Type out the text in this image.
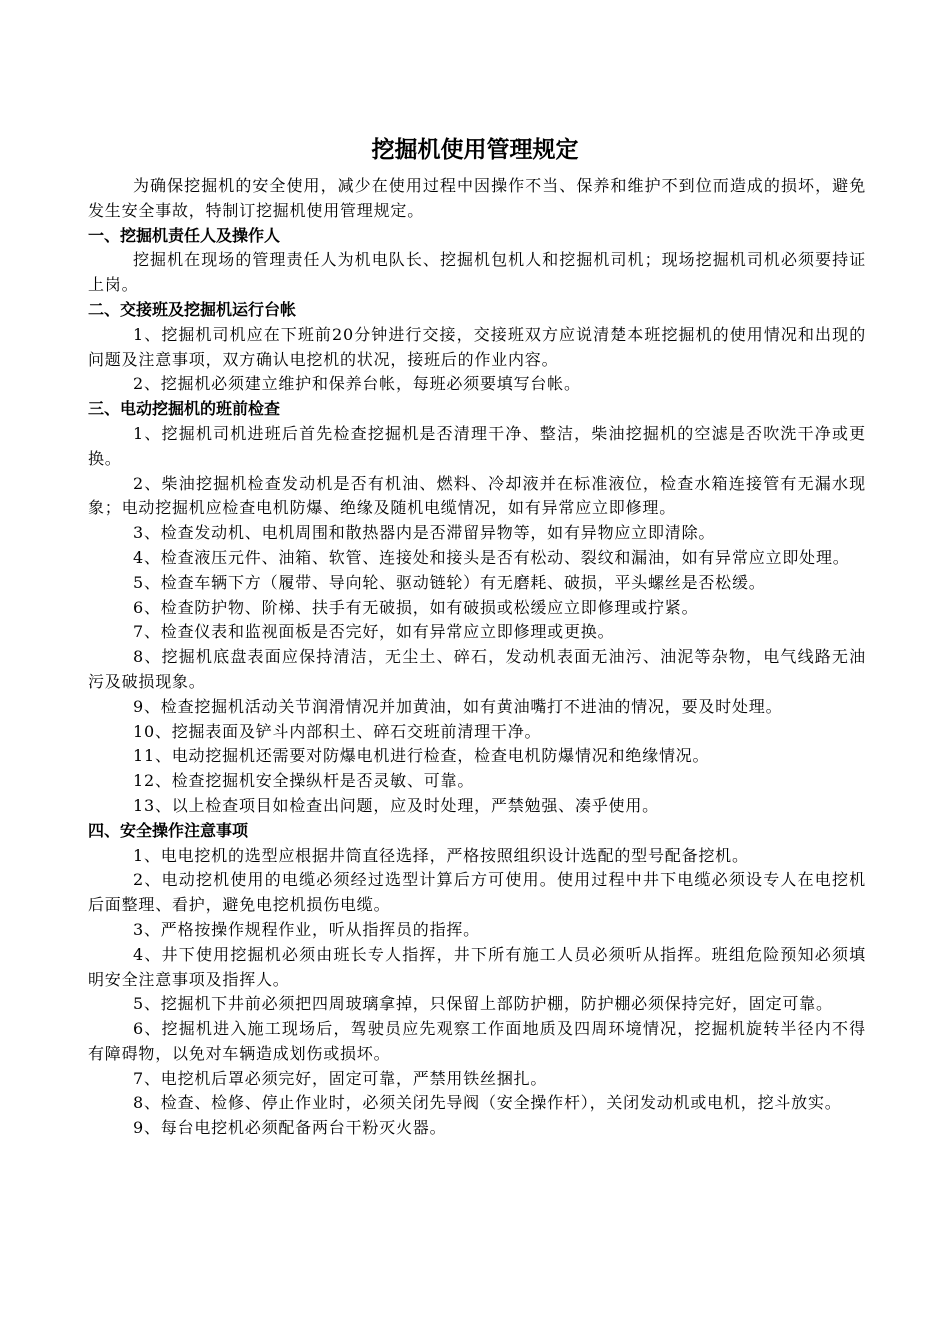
挖掘机使用管理规定

为确保挖掘机的安全使用，减少在使用过程中因操作不当、保养和维护不到位而造成的损坏，避免发生安全事故，特制订挖掘机使用管理规定。

一、挖掘机责任人及操作人

挖掘机在现场的管理责任人为机电队长、挖掘机包机人和挖掘机司机；现场挖掘机司机必须要持证上岗。

二、交接班及挖掘机运行台帐

1、挖掘机司机应在下班前20分钟进行交接，交接班双方应说清楚本班挖掘机的使用情况和出现的问题及注意事项，双方确认电挖机的状况，接班后的作业内容。

2、挖掘机必须建立维护和保养台帐，每班必须要填写台帐。

三、电动挖掘机的班前检查

1、挖掘机司机进班后首先检查挖掘机是否清理干净、整洁，柴油挖掘机的空滤是否吹洗干净或更换。

2、柴油挖掘机检查发动机是否有机油、燃料、冷却液并在标准液位，检查水箱连接管有无漏水现象；电动挖掘机应检查电机防爆、绝缘及随机电缆情况，如有异常应立即修理。

3、检查发动机、电机周围和散热器内是否滞留异物等，如有异物应立即清除。

4、检查液压元件、油箱、软管、连接处和接头是否有松动、裂纹和漏油，如有异常应立即处理。

5、检查车辆下方（履带、导向轮、驱动链轮）有无磨耗、破损，平头螺丝是否松缓。

6、检查防护物、阶梯、扶手有无破损，如有破损或松缓应立即修理或拧紧。

7、检查仪表和监视面板是否完好，如有异常应立即修理或更换。

8、挖掘机底盘表面应保持清洁，无尘土、碎石，发动机表面无油污、油泥等杂物，电气线路无油污及破损现象。

9、检查挖掘机活动关节润滑情况并加黄油，如有黄油嘴打不进油的情况，要及时处理。

10、挖掘表面及铲斗内部积土、碎石交班前清理干净。

11、电动挖掘机还需要对防爆电机进行检查，检查电机防爆情况和绝缘情况。

12、检查挖掘机安全操纵杆是否灵敏、可靠。

13、以上检查项目如检查出问题，应及时处理，严禁勉强、凑乎使用。

四、安全操作注意事项

1、电电挖机的选型应根据井筒直径选择，严格按照组织设计选配的型号配备挖机。

2、电动挖机使用的电缆必须经过选型计算后方可使用。使用过程中井下电缆必须设专人在电挖机后面整理、看护，避免电挖机损伤电缆。

3、严格按操作规程作业，听从指挥员的指挥。

4、井下使用挖掘机必须由班长专人指挥，井下所有施工人员必须听从指挥。班组危险预知必须填明安全注意事项及指挥人。

5、挖掘机下井前必须把四周玻璃拿掉，只保留上部防护棚，防护棚必须保持完好，固定可靠。

6、挖掘机进入施工现场后，驾驶员应先观察工作面地质及四周环境情况，挖掘机旋转半径内不得有障碍物，以免对车辆造成划伤或损坏。

7、电挖机后罩必须完好，固定可靠，严禁用铁丝捆扎。

8、检查、检修、停止作业时，必须关闭先导阀（安全操作杆），关闭发动机或电机，挖斗放实。

9、每台电挖机必须配备两台干粉灭火器。
